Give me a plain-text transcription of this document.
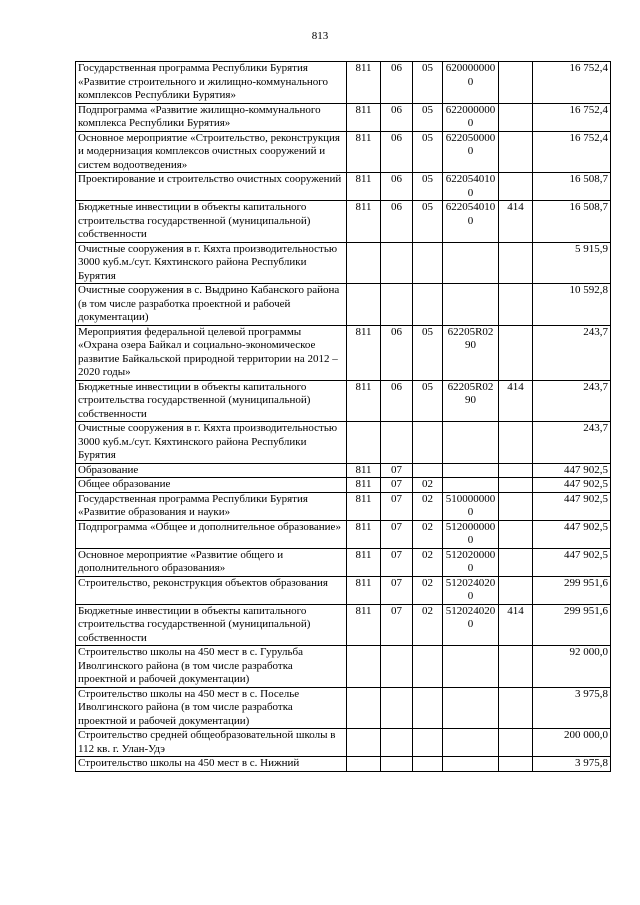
813
Государственная программа Республики Бурятия «Развитие строительного и жилищно-коммунального комплексов Республики Бурятия»	811	06	05	6200000000		16 752,4
Подпрограмма «Развитие жилищно-коммунального комплекса Республики Бурятия»	811	06	05	6220000000		16 752,4
Основное мероприятие «Строительство, реконструкция и модернизация комплексов очистных сооружений и систем водоотведения»	811	06	05	6220500000		16 752,4
Проектирование и строительство очистных сооружений	811	06	05	6220540100		16 508,7
Бюджетные инвестиции в объекты капитального строительства государственной (муниципальной) собственности	811	06	05	6220540100	414	16 508,7
Очистные сооружения в г. Кяхта производительностью 3000 куб.м./сут. Кяхтинского района Республики Бурятия						5 915,9
Очистные сооружения в с. Выдрино Кабанского района (в том числе разработка проектной и рабочей документации)						10 592,8
Мероприятия федеральной целевой программы «Охрана озера Байкал и социально-экономическое развитие Байкальской природной территории на 2012 – 2020 годы»	811	06	05	62205R0290		243,7
Бюджетные инвестиции в объекты капитального строительства государственной (муниципальной) собственности	811	06	05	62205R0290	414	243,7
Очистные сооружения в г. Кяхта производительностью 3000 куб.м./сут. Кяхтинского района Республики Бурятия						243,7
Образование	811	07				447 902,5
Общее образование	811	07	02			447 902,5
Государственная программа Республики Бурятия «Развитие образования и науки»	811	07	02	5100000000		447 902,5
Подпрограмма «Общее и дополнительное образование»	811	07	02	5120000000		447 902,5
Основное мероприятие «Развитие общего и дополнительного образования»	811	07	02	5120200000		447 902,5
Строительство, реконструкция объектов образования	811	07	02	5120240200		299 951,6
Бюджетные инвестиции в объекты капитального строительства государственной (муниципальной) собственности	811	07	02	5120240200	414	299 951,6
Строительство школы на 450 мест в с. Гурульба Иволгинского района (в том числе разработка проектной и рабочей документации)						92 000,0
Строительство школы на 450 мест в с. Поселье Иволгинского района (в том числе разработка проектной и рабочей документации)						3 975,8
Строительство средней общеобразовательной школы в 112 кв. г. Улан-Удэ						200 000,0
Строительство школы на 450 мест в с. Нижний						3 975,8
